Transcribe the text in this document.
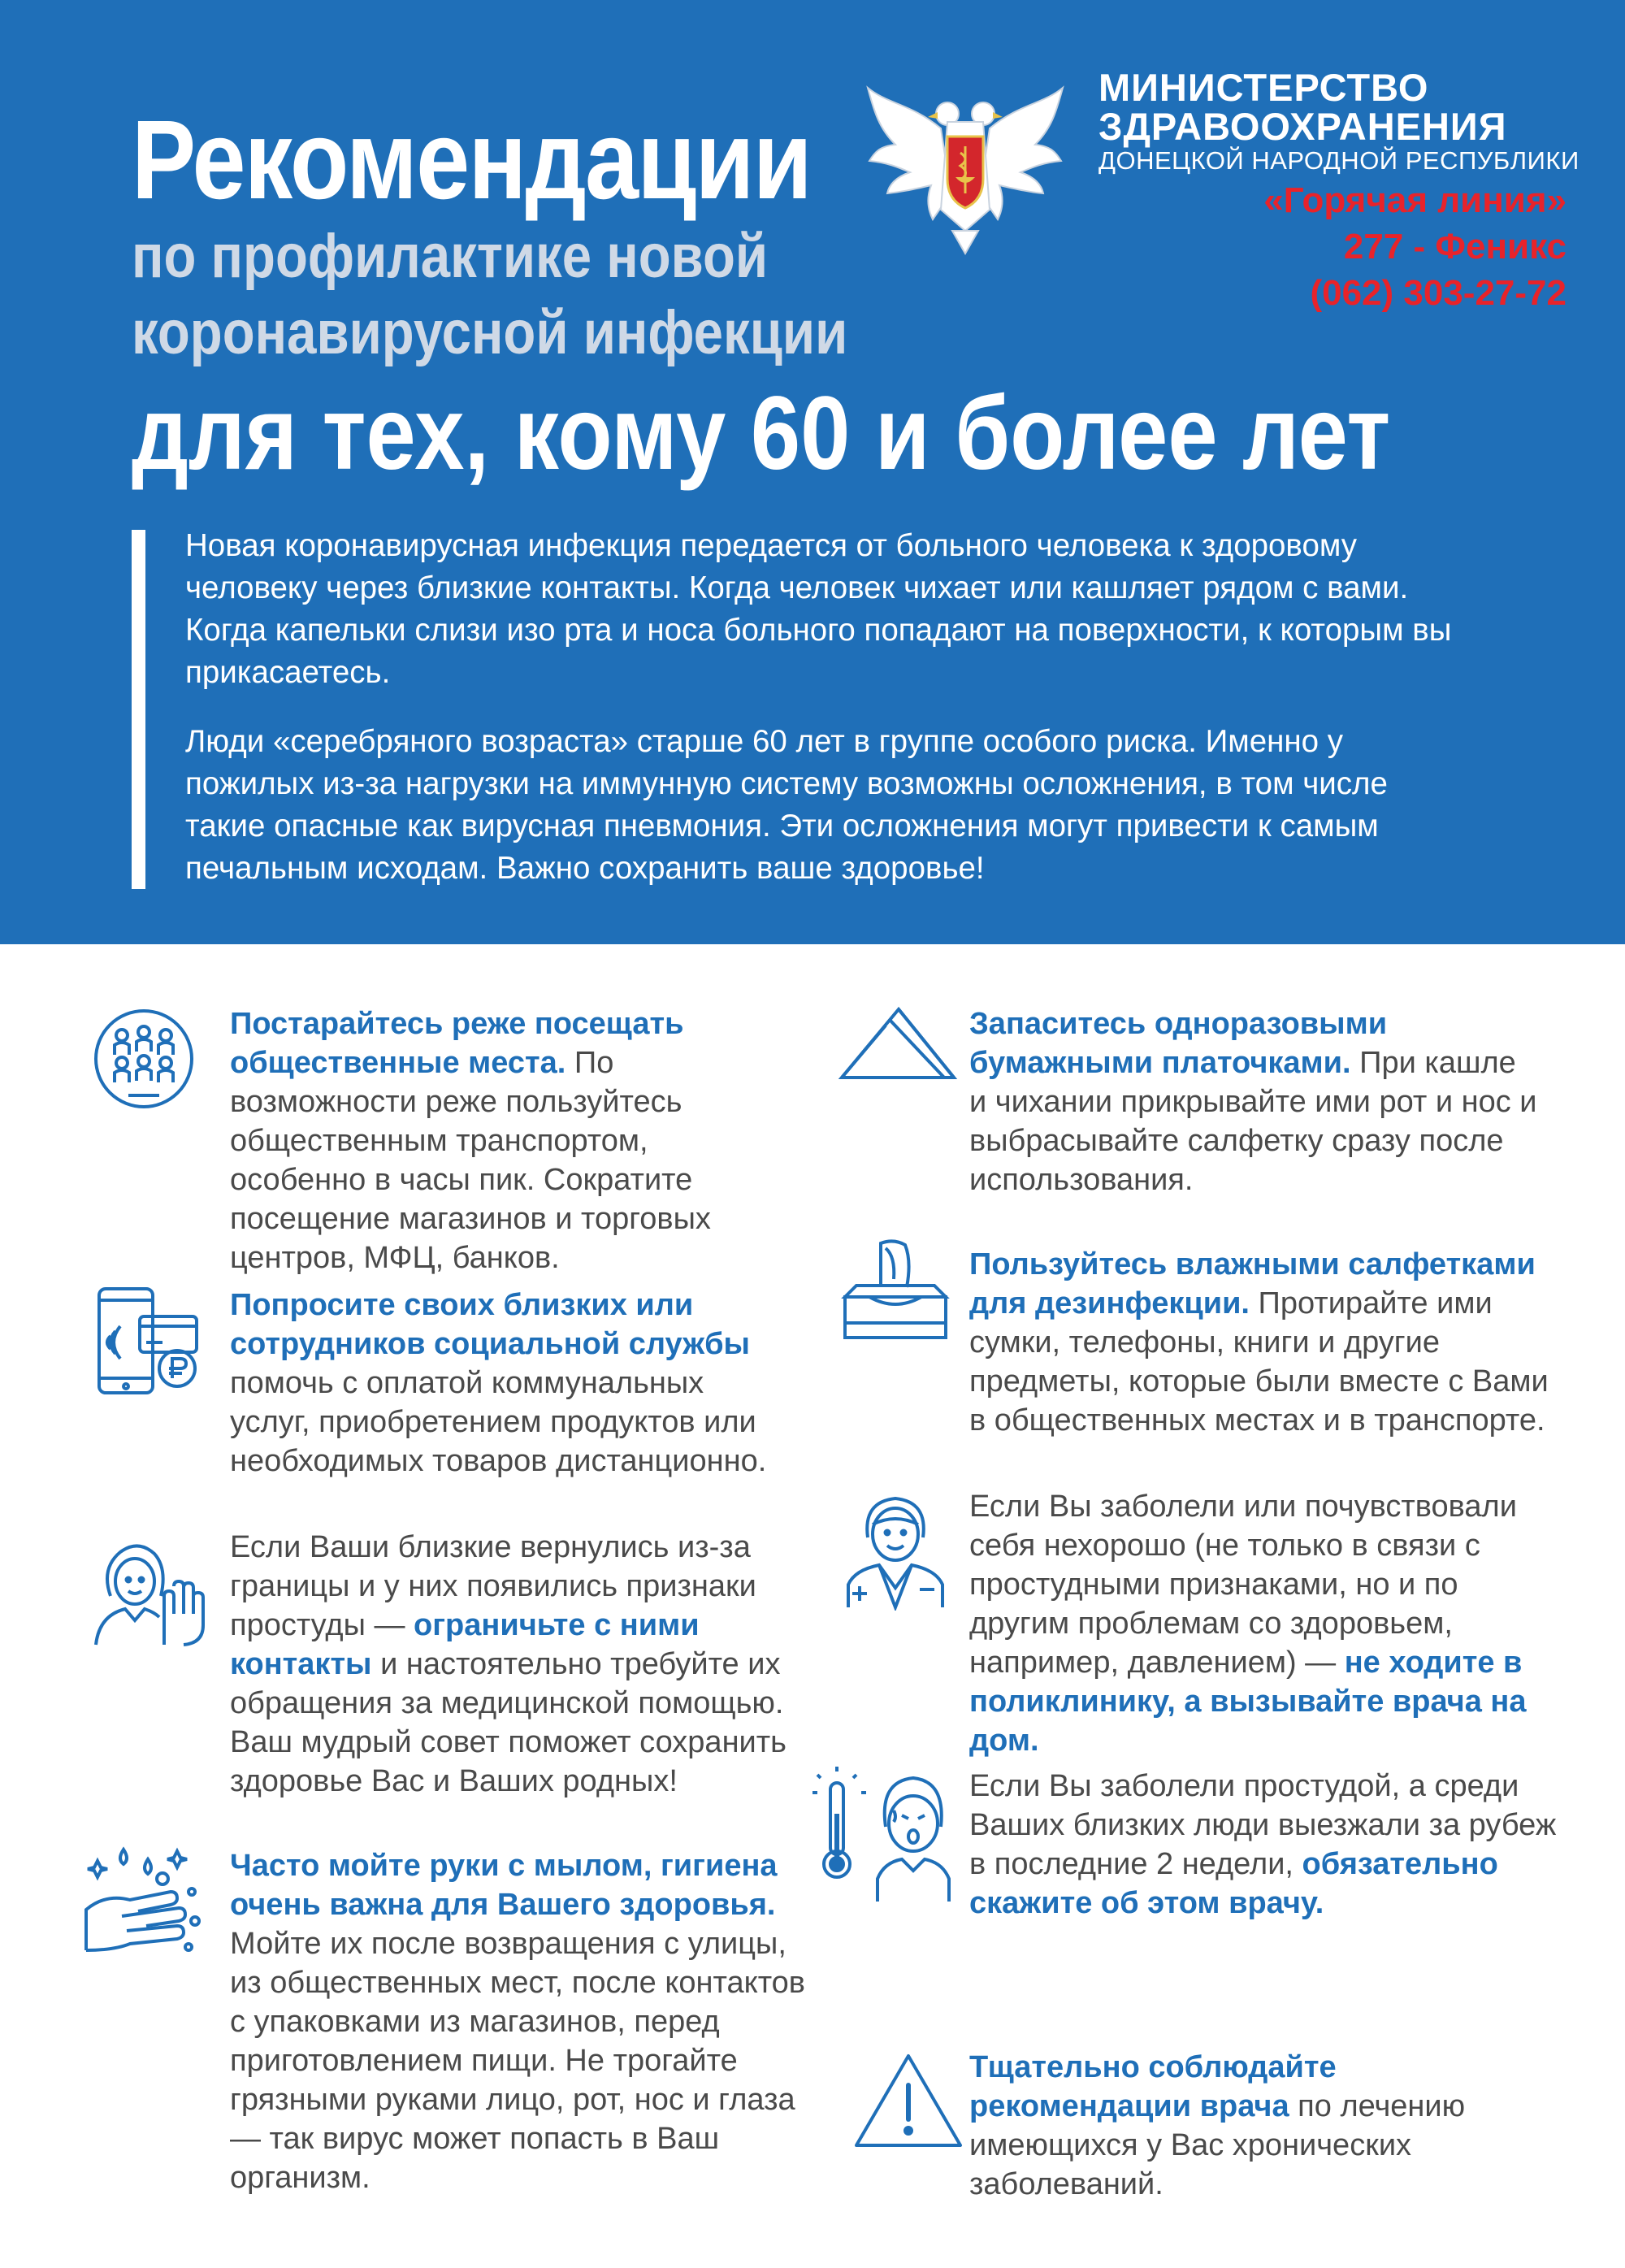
Рекомендации
по профилактике новой
коронавирусной инфекции
для тех, кому 60 и более лет
МИНИСТЕРСТВО
ЗДРАВООХРАНЕНИЯ
ДОНЕЦКОЙ НАРОДНОЙ РЕСПУБЛИКИ
«Горячая линия»
277 - Феникс
(062) 303-27-72
Новая коронавирусная инфекция передается от больного человека к здоровому человеку через близкие контакты. Когда человек чихает или кашляет рядом с вами. Когда капельки слизи изо рта и носа больного попадают на поверхности, к которым вы прикасаетесь.
Люди «серебряного возраста» старше 60 лет в группе особого риска. Именно у пожилых из-за нагрузки на иммунную систему возможны осложнения, в том числе такие опасные как вирусная пневмония. Эти осложнения могут привести к самым печальным исходам. Важно сохранить ваше здоровье!
Постарайтесь реже посещать общественные места. По возможности реже пользуйтесь общественным транспортом, особенно в часы пик. Сократите посещение магазинов и торговых центров, МФЦ, банков.
Попросите своих близких или сотрудников социальной службы помочь с оплатой коммунальных услуг, приобретением продуктов или необходимых товаров дистанционно.
Если Ваши близкие вернулись из-за границы и у них появились признаки простуды — ограничьте с ними контакты и настоятельно требуйте их обращения за медицинской помощью. Ваш мудрый совет поможет сохранить здоровье Вас и Ваших родных!
Часто мойте руки с мылом, гигиена очень важна для Вашего здоровья. Мойте их после возвращения с улицы, из общественных мест, после контактов с упаковками из магазинов, перед приготовлением пищи. Не трогайте грязными руками лицо, рот, нос и глаза — так вирус может попасть в Ваш организм.
Запаситесь одноразовыми бумажными платочками. При кашле и чихании прикрывайте ими рот и нос и выбрасывайте салфетку сразу после использования.
Пользуйтесь влажными салфетками для дезинфекции. Протирайте ими сумки, телефоны, книги и другие предметы, которые были вместе с Вами в общественных местах и в транспорте.
Если Вы заболели или почувствовали себя нехорошо (не только в связи с простудными признаками, но и по другим проблемам со здоровьем, например, давлением) — не ходите в поликлинику, а вызывайте врача на дом.
Если Вы заболели простудой, а среди Ваших близких люди выезжали за рубеж в последние 2 недели, обязательно скажите об этом врачу.
Тщательно соблюдайте рекомендации врача по лечению имеющихся у Вас хронических заболеваний.
